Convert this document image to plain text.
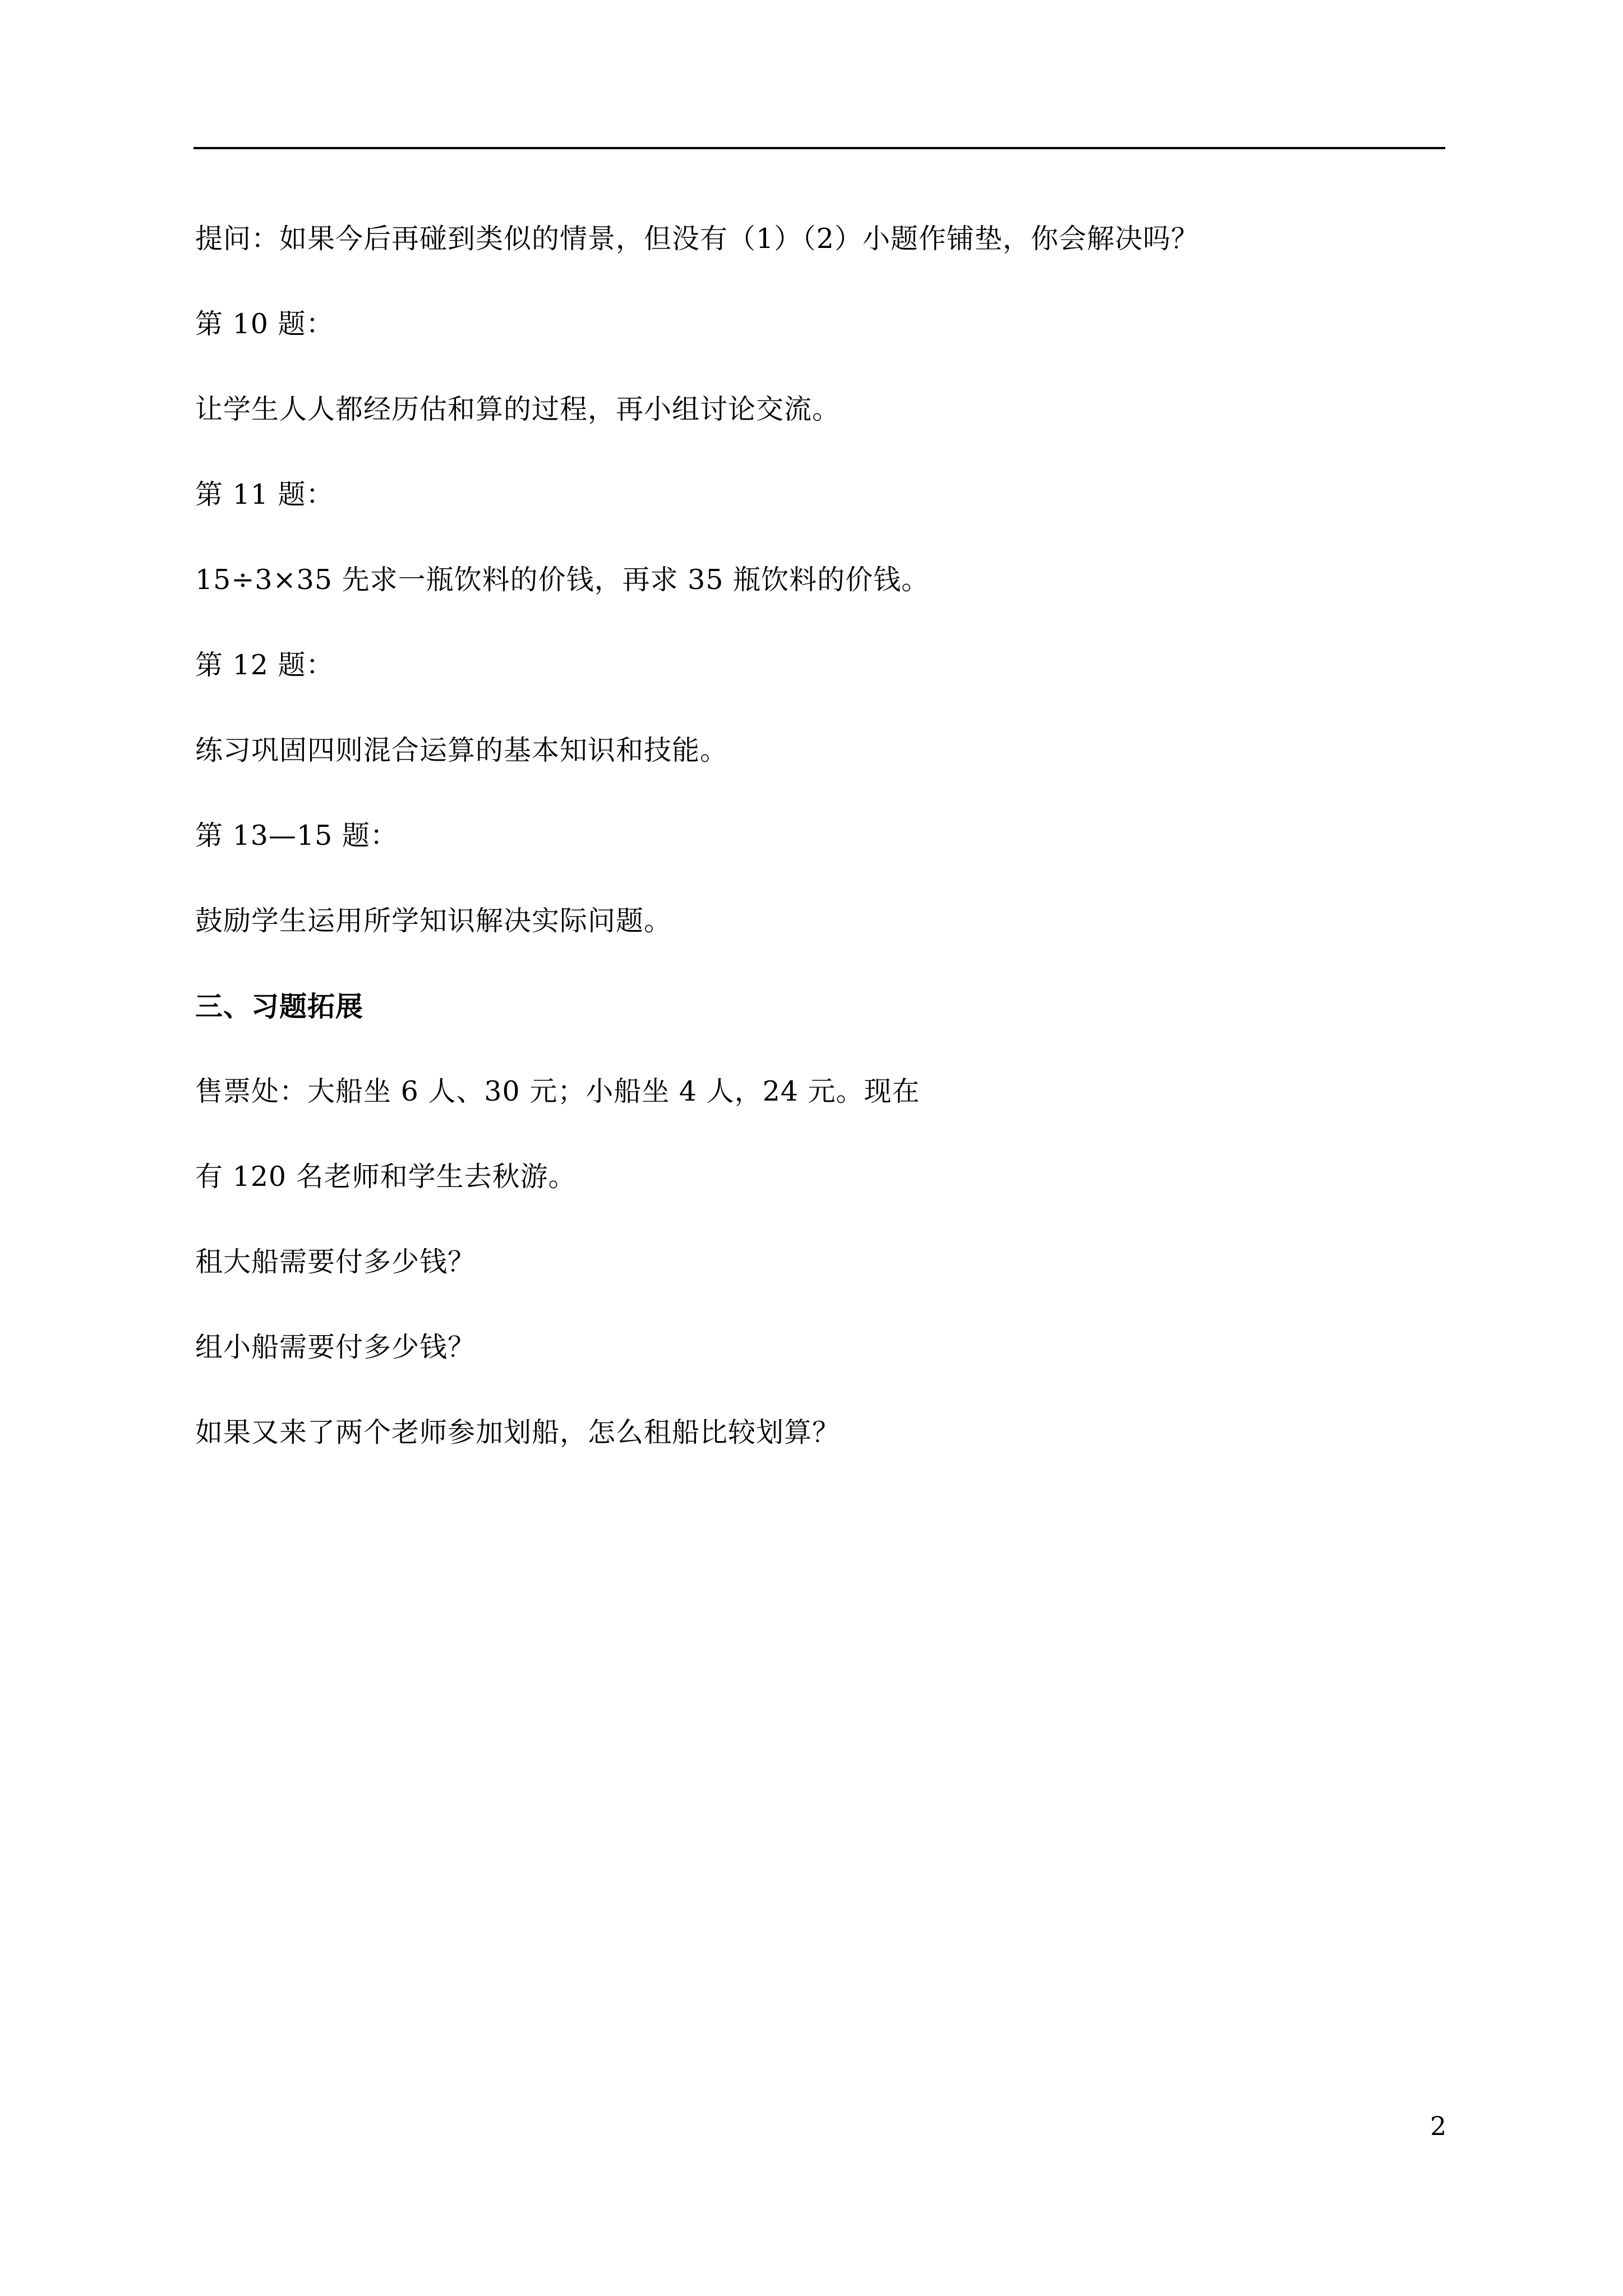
提问：如果今后再碰到类似的情景，但没有（1）（2）小题作铺垫，你会解决吗？
第 10 题：
让学生人人都经历估和算的过程，再小组讨论交流。
第 11 题：
15÷3×35 先求一瓶饮料的价钱，再求 35 瓶饮料的价钱。
第 12 题：
练习巩固四则混合运算的基本知识和技能。
第 13—15 题：
鼓励学生运用所学知识解决实际问题。
三、习题拓展
售票处：大船坐 6 人、30 元；小船坐 4 人，24 元。现在
有 120 名老师和学生去秋游。
租大船需要付多少钱？
组小船需要付多少钱？
如果又来了两个老师参加划船，怎么租船比较划算？
2
